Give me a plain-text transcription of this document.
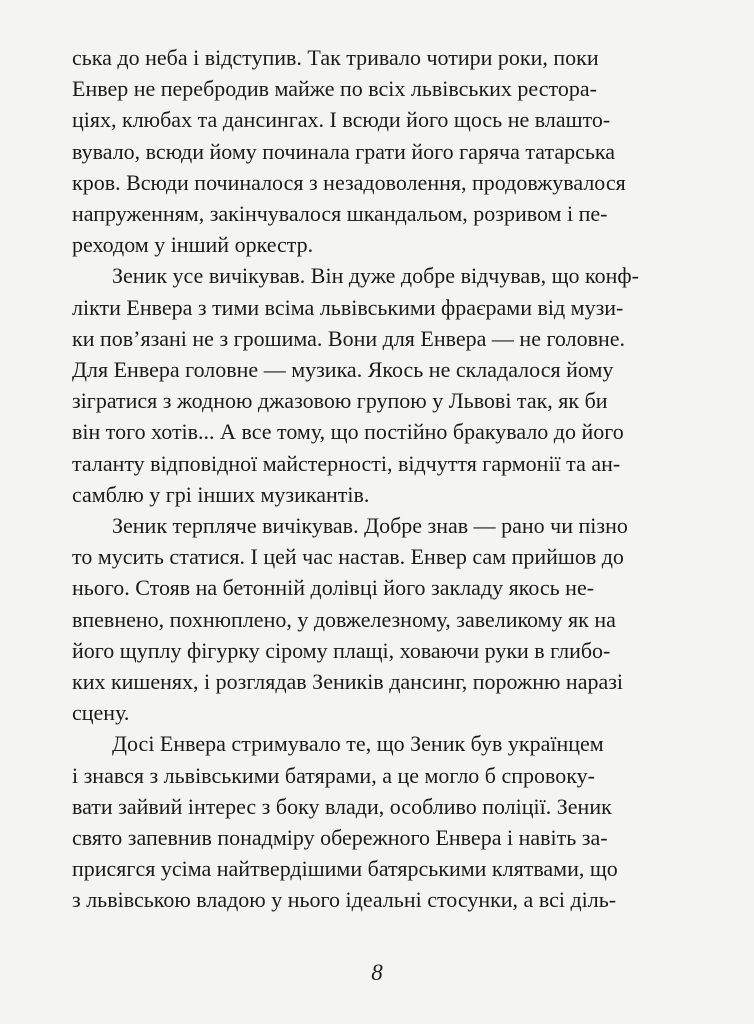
ська до неба і відступив. Так тривало чотири роки, поки
Енвер не перебродив майже по всіх львівських рестора-
ціях, клюбах та дансингах. І всюди його щось не влашто-
вувало, всюди йому починала грати його гаряча татарська
кров. Всюди починалося з незадоволення, продовжувалося
напруженням, закінчувалося шкандальом, розривом і пе-
реходом у інший оркестр.
Зеник усе вичікував. Він дуже добре відчував, що конф-
лікти Енвера з тими всіма львівськими фраєрами від музи-
ки пов’язані не з грошима. Вони для Енвера — не головне.
Для Енвера головне — музика. Якось не складалося йому
зігратися з жодною джазовою групою у Львові так, як би
він того хотів... А все тому, що постійно бракувало до його
таланту відповідної майстерності, відчуття гармонії та ан-
самблю у грі інших музикантів.
Зеник терпляче вичікував. Добре знав — рано чи пізно
то мусить статися. І цей час настав. Енвер сам прийшов до
нього. Стояв на бетонній долівці його закладу якось не-
впевнено, похнюплено, у довжелезному, завеликому як на
його щуплу фігурку сірому плащі, ховаючи руки в глибо-
ких кишенях, і розглядав Зеників дансинг, порожню наразі
сцену.
Досі Енвера стримувало те, що Зеник був українцем
і знався з львівськими батярами, а це могло б спровоку-
вати зайвий інтерес з боку влади, особливо поліції. Зеник
свято запевнив понадміру обережного Енвера і навіть за-
присягся усіма найтвердішими батярськими клятвами, що
з львівською владою у нього ідеальні стосунки, а всі діль-
8
